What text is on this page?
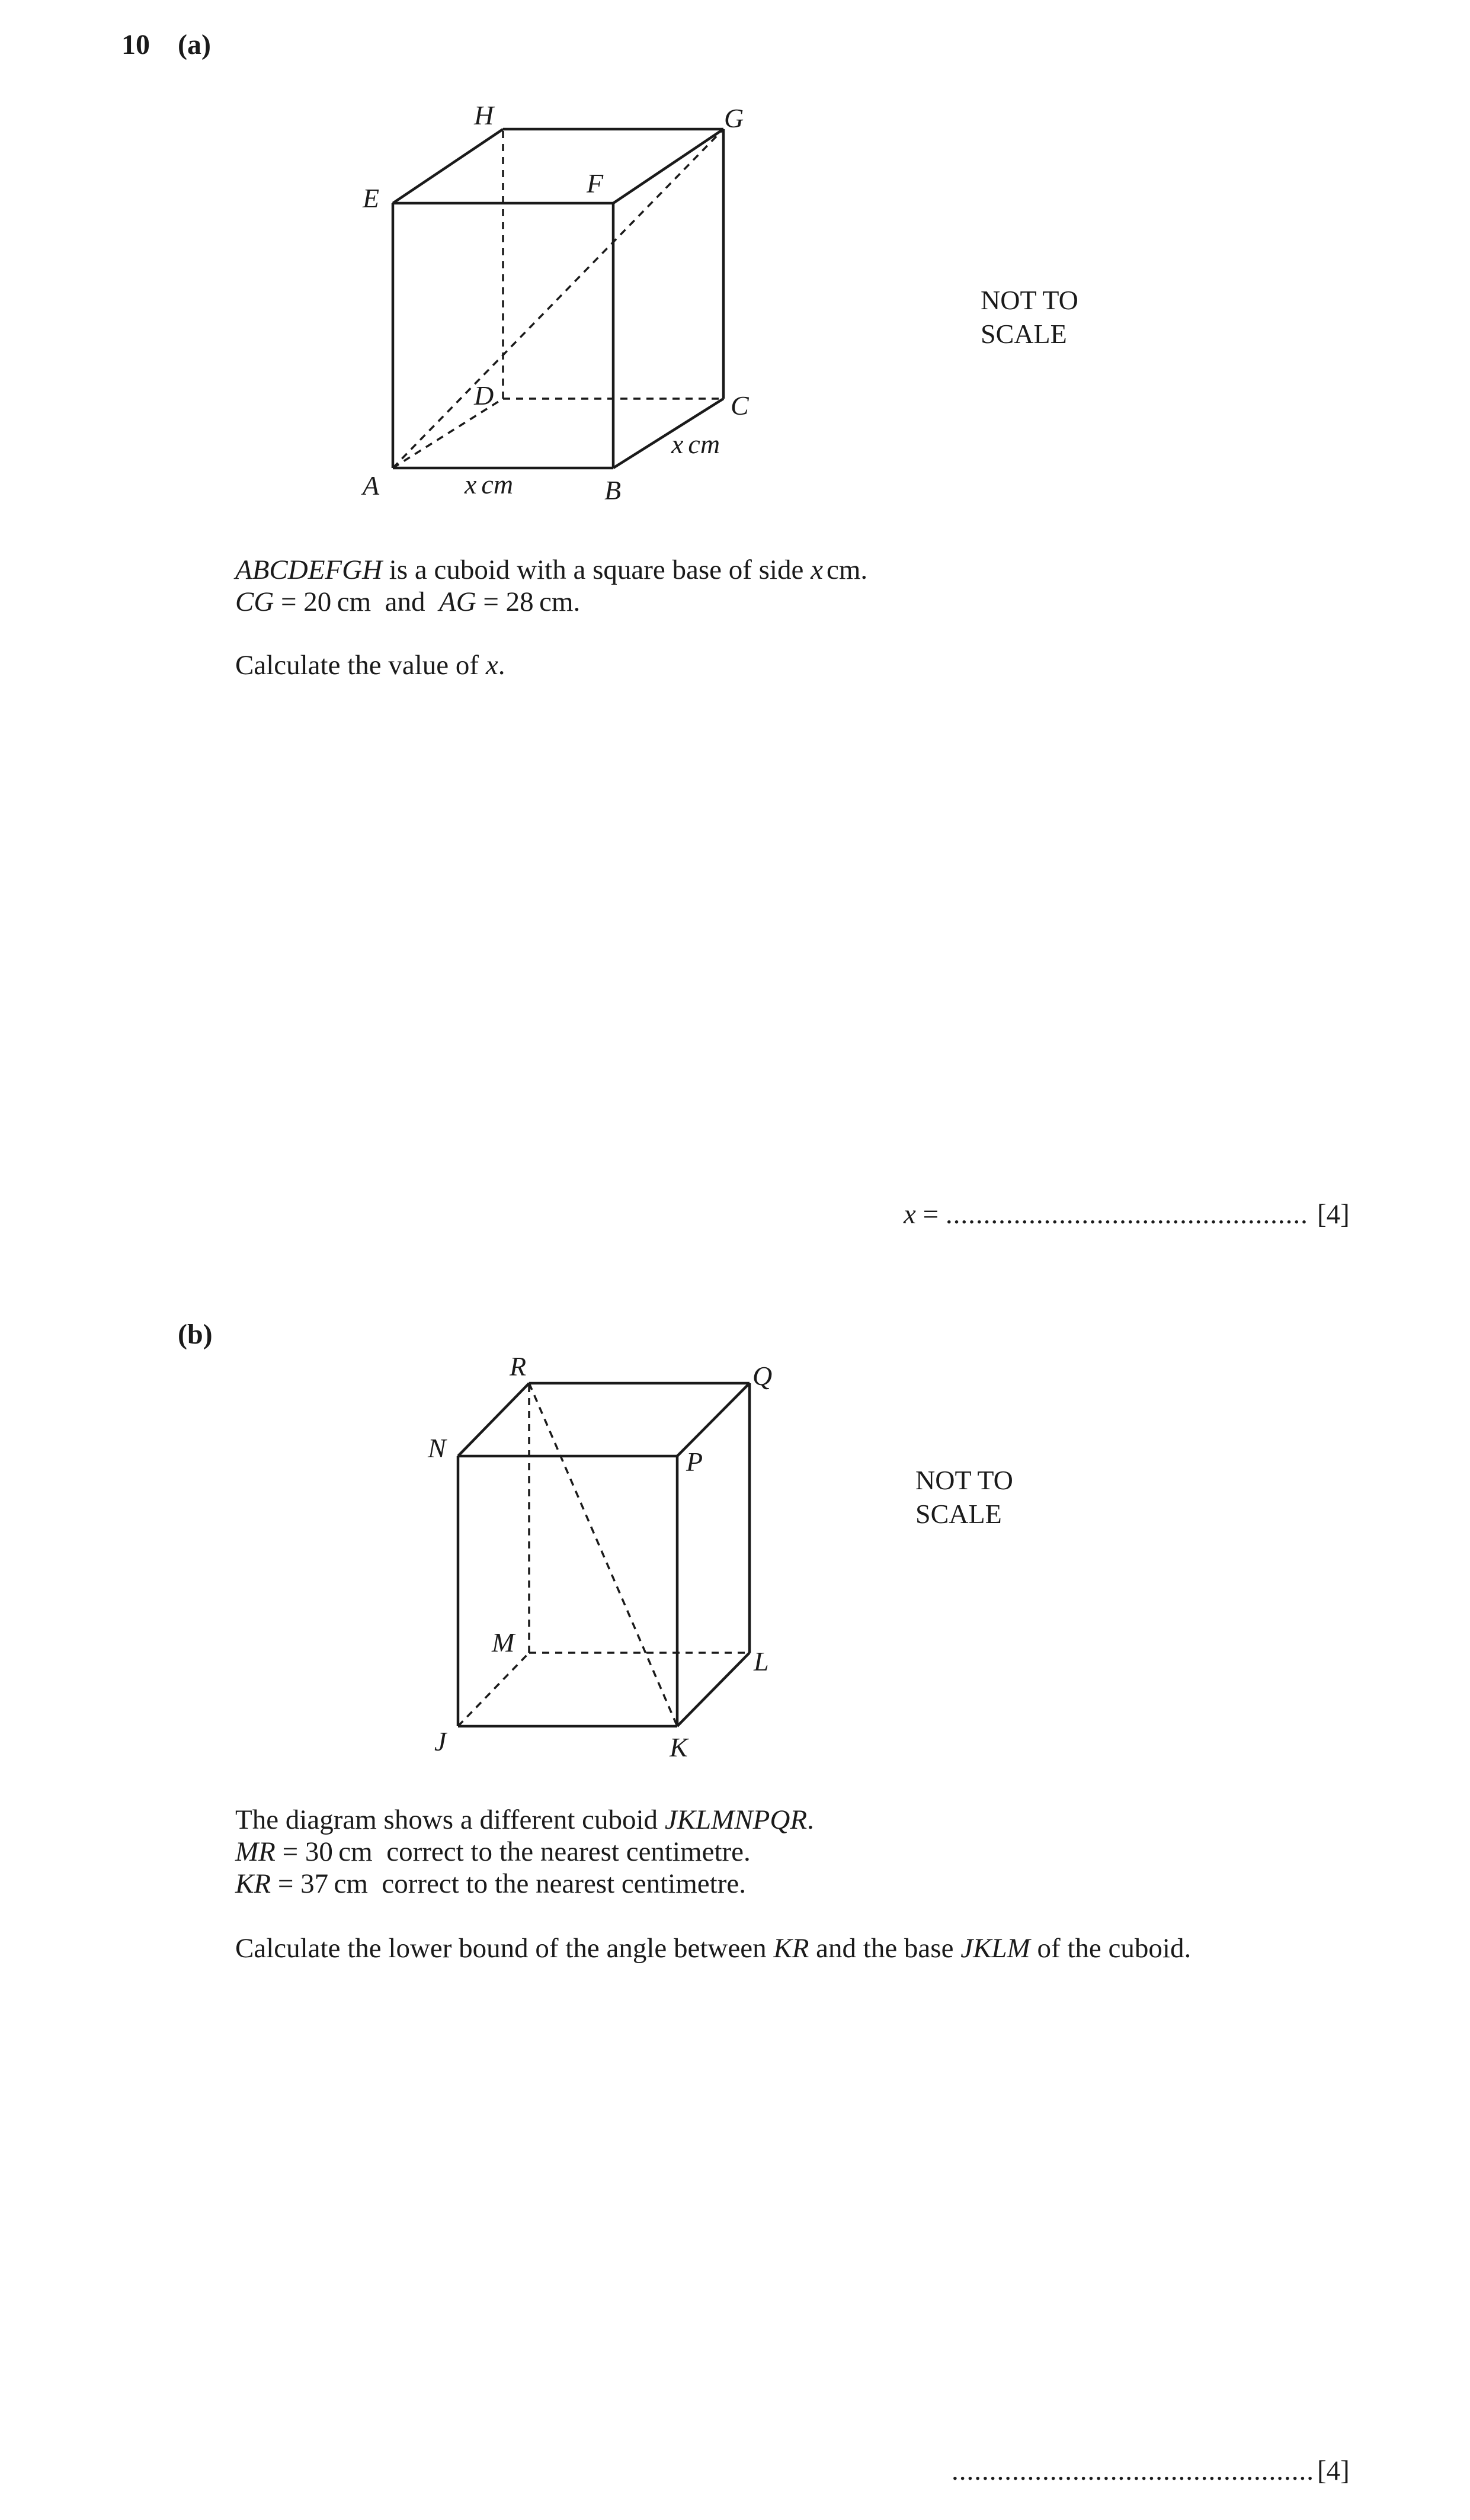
10 (a)
A	B
C
D
E	F
G
H
x cm
x cm
NOT TO
SCALE
ABCDEFGH is a cuboid with a square base of side x cm.
CG = 20 cm  and  AG = 28 cm.
Calculate the value of x.
x = ................................................ [4]
(b)
J	K
L
M
N	P
Q
R
NOT TO
SCALE
The diagram shows a different cuboid JKLMNPQR.
MR = 30 cm  correct to the nearest centimetre.
KR = 37 cm  correct to the nearest centimetre.
Calculate the lower bound of the angle between KR and the base JKLM of the cuboid.
................................................ [4]
